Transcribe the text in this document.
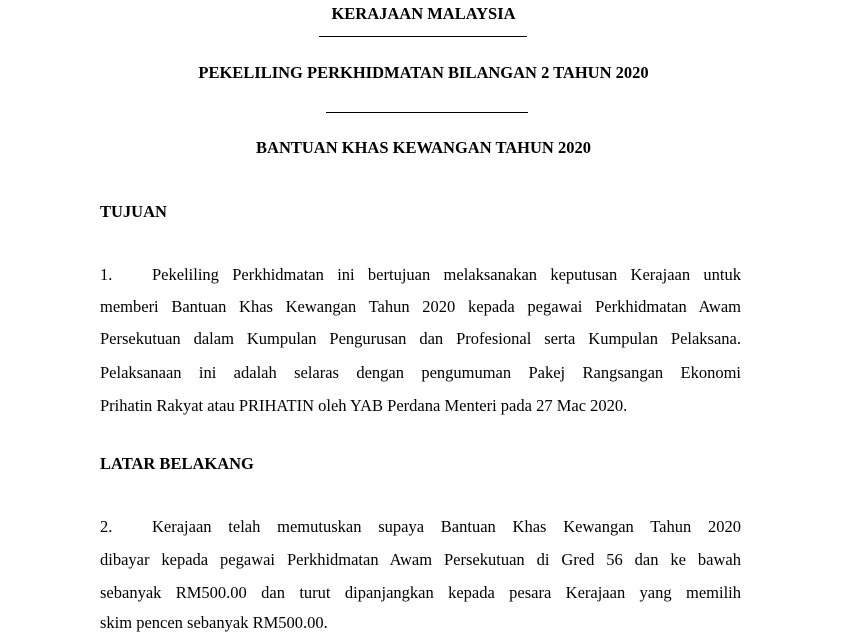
KERAJAAN MALAYSIA
PEKELILING PERKHIDMATAN BILANGAN 2 TAHUN 2020
BANTUAN KHAS KEWANGAN TAHUN 2020
TUJUAN
1. Pekeliling Perkhidmatan ini bertujuan melaksanakan keputusan Kerajaan untuk
memberi Bantuan Khas Kewangan Tahun 2020 kepada pegawai Perkhidmatan Awam
Persekutuan dalam Kumpulan Pengurusan dan Profesional serta Kumpulan Pelaksana.
Pelaksanaan ini adalah selaras dengan pengumuman Pakej Rangsangan Ekonomi
Prihatin Rakyat atau PRIHATIN oleh YAB Perdana Menteri pada 27 Mac 2020.
LATAR BELAKANG
2. Kerajaan telah memutuskan supaya Bantuan Khas Kewangan Tahun 2020
dibayar kepada pegawai Perkhidmatan Awam Persekutuan di Gred 56 dan ke bawah
sebanyak RM500.00 dan turut dipanjangkan kepada pesara Kerajaan yang memilih
skim pencen sebanyak RM500.00.
